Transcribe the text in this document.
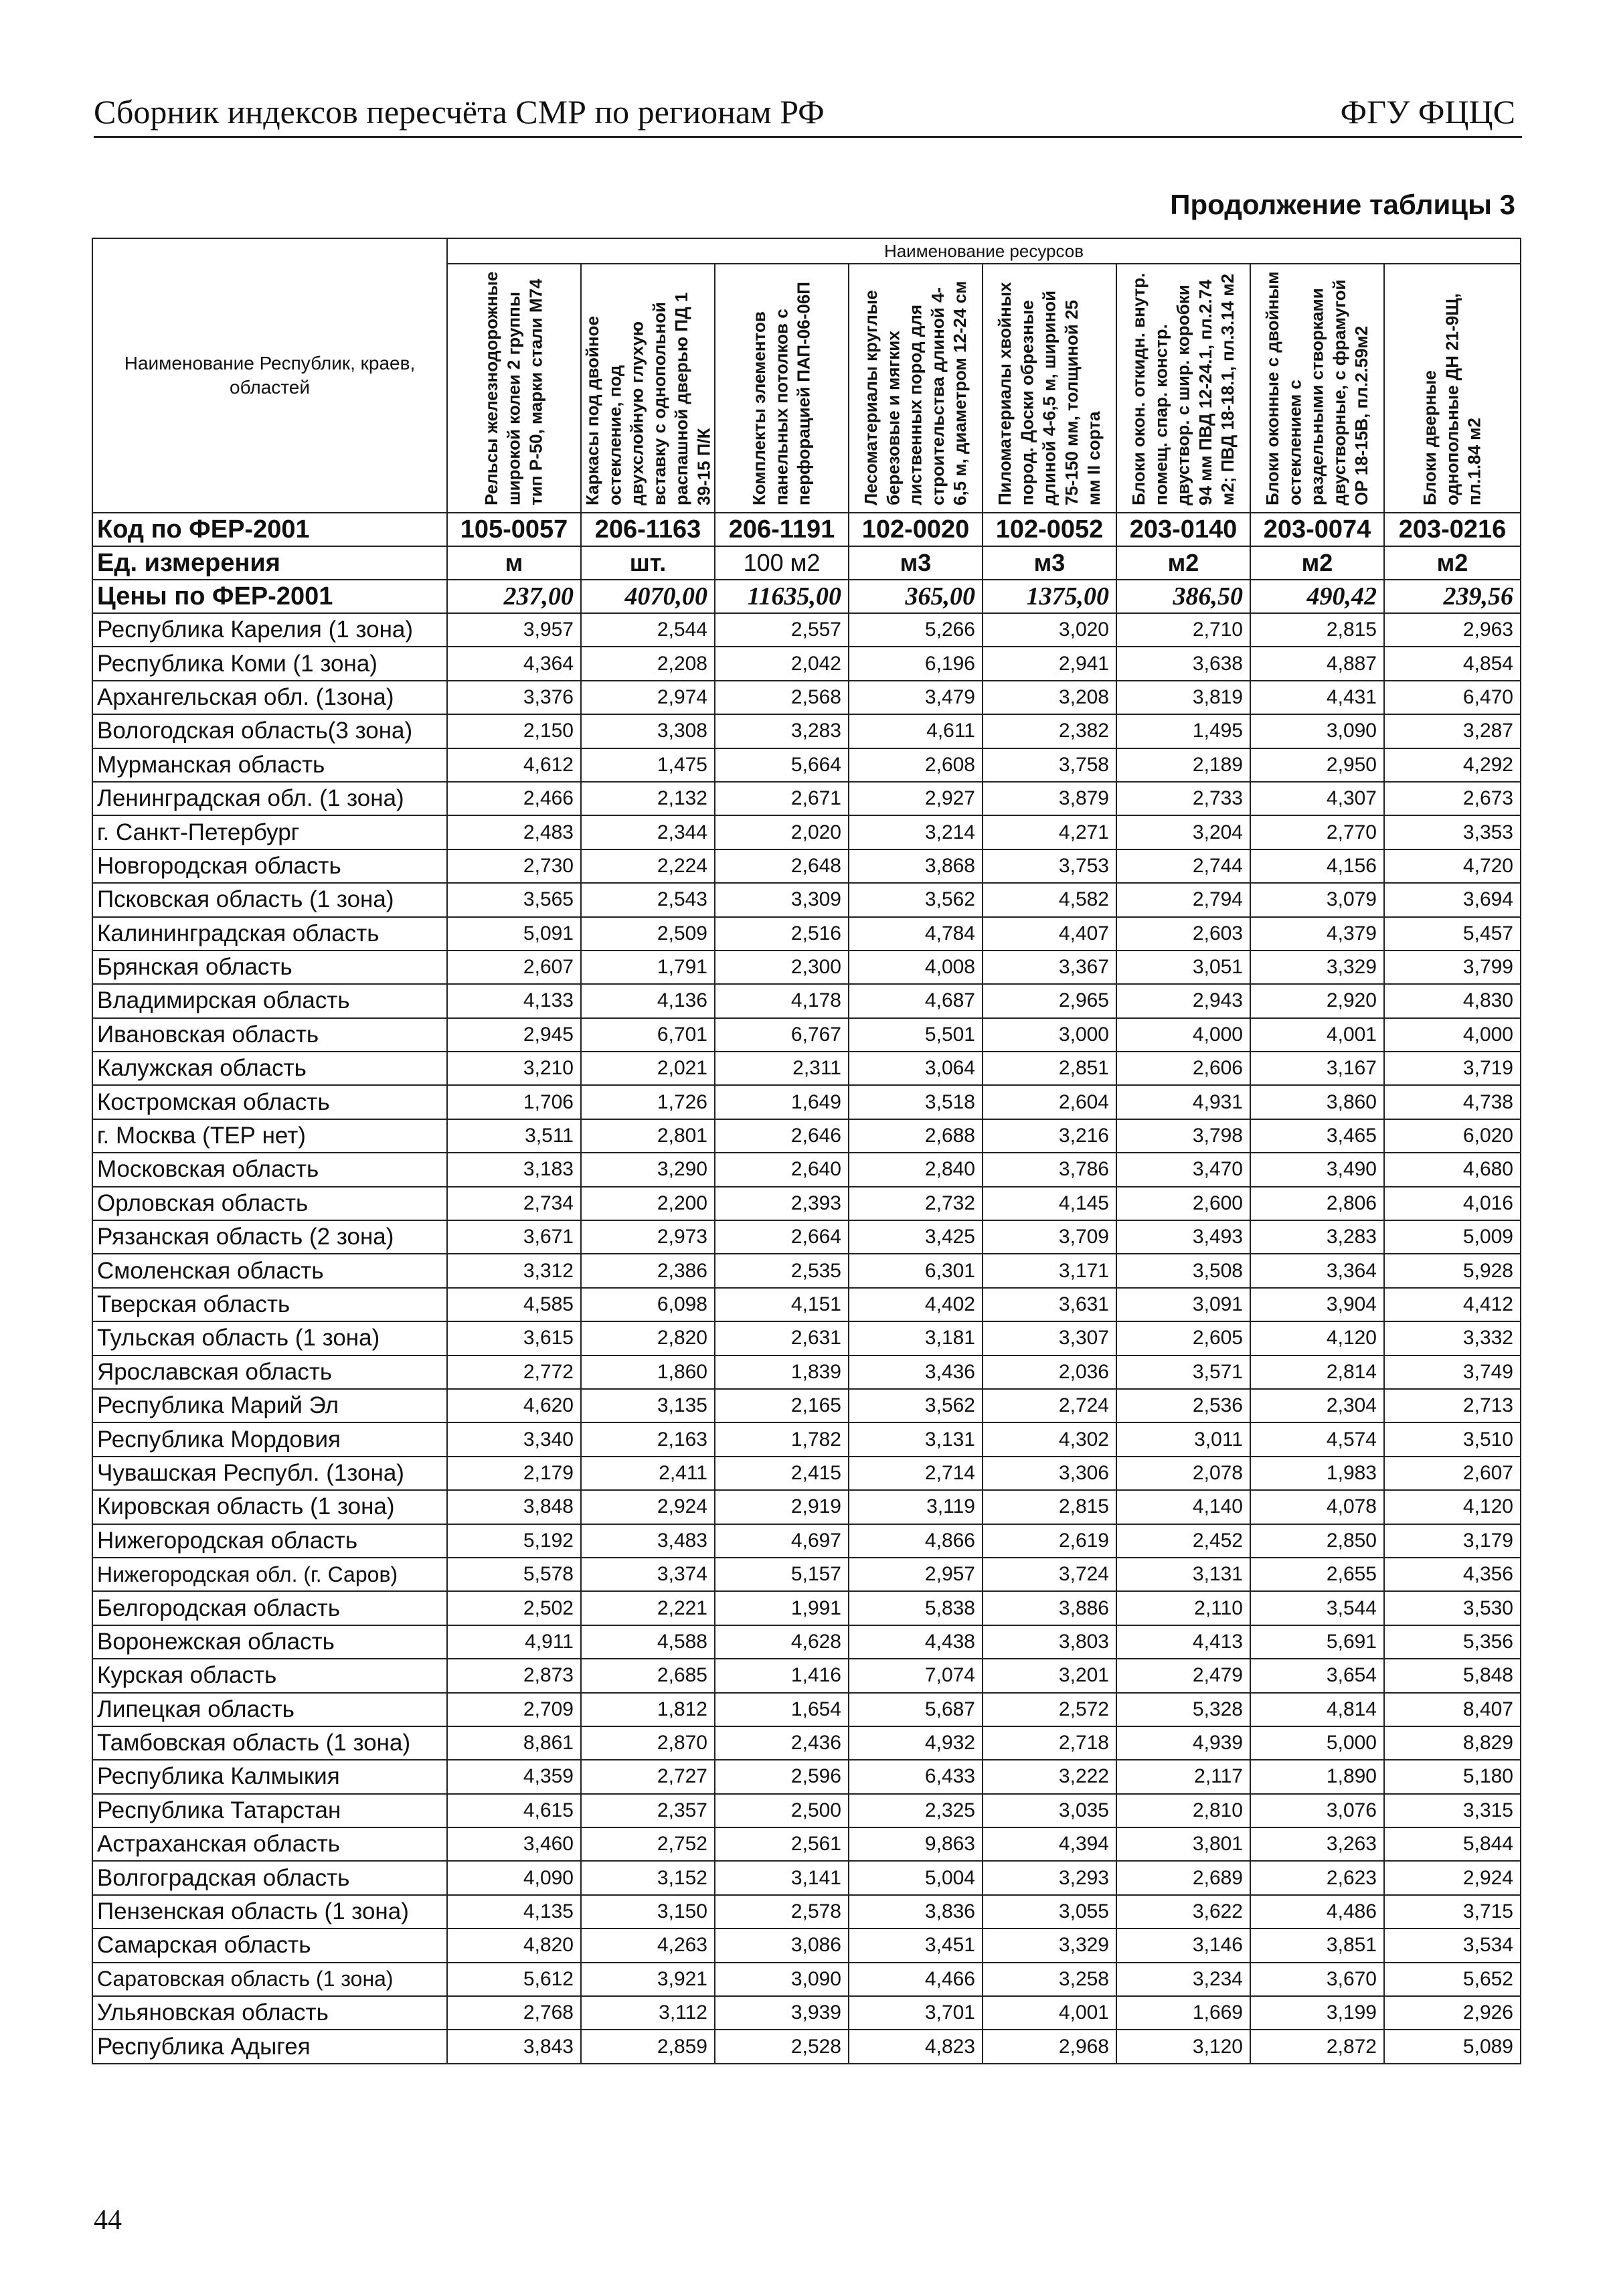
Сборник индексов пересчёта СМР по регионам РФ	ФГУ ФЦЦС
Продолжение таблицы 3
Наименование Республик, краев, областей	Наименование ресурсов							

	Рельсы железнодорожные широкой колеи 2 группы тип Р-50, марки стали М74	Каркасы под двойное остекление, под двухслойную глухую вставку с однопольной распашной дверью ПД 1 39-15 П/К	Комплекты элементов панельных потолков с перфорацией ПАП-06-06П	Лесоматериалы круглые березовые и мягких лиственных пород для строительства длиной 4-6,5 м, диаметром 12-24 см	Пиломатериалы хвойных пород. Доски обрезные длиной 4-6,5 м, шириной 75-150 мм, толщиной 25 мм II сорта	Блоки окон. откидн. внутр. помещ. спар. констр. двуствор. с шир. коробки 94 мм ПВД 12-24.1, пл.2.74 м2; ПВД 18-18.1, пл.3.14 м2	Блоки оконные с двойным остеклением с раздельными створками двустворные, с фрамугой ОР 18-15В, пл.2.59м2	Блоки дверные однопольные ДН 21-9Щ, пл.1.84 м2

Код по ФЕР-2001	105-0057	206-1163	206-1191	102-0020	102-0052	203-0140	203-0074	203-0216
Ед. измерения	м	шт.	100 м2	м3	м3	м2	м2	м2
Цены по ФЕР-2001	237,00	4070,00	11635,00	365,00	1375,00	386,50	490,42	239,56
Республика Карелия (1 зона)	3,957	2,544	2,557	5,266	3,020	2,710	2,815	2,963
Республика Коми (1 зона)	4,364	2,208	2,042	6,196	2,941	3,638	4,887	4,854
Архангельская обл. (1зона)	3,376	2,974	2,568	3,479	3,208	3,819	4,431	6,470
Вологодская область(3 зона)	2,150	3,308	3,283	4,611	2,382	1,495	3,090	3,287
Мурманская область	4,612	1,475	5,664	2,608	3,758	2,189	2,950	4,292
Ленинградская обл. (1 зона)	2,466	2,132	2,671	2,927	3,879	2,733	4,307	2,673
г. Санкт-Петербург	2,483	2,344	2,020	3,214	4,271	3,204	2,770	3,353
Новгородская область	2,730	2,224	2,648	3,868	3,753	2,744	4,156	4,720
Псковская область (1 зона)	3,565	2,543	3,309	3,562	4,582	2,794	3,079	3,694
Калининградская область	5,091	2,509	2,516	4,784	4,407	2,603	4,379	5,457
Брянская область	2,607	1,791	2,300	4,008	3,367	3,051	3,329	3,799
Владимирская область	4,133	4,136	4,178	4,687	2,965	2,943	2,920	4,830
Ивановская область	2,945	6,701	6,767	5,501	3,000	4,000	4,001	4,000
Калужская область	3,210	2,021	2,311	3,064	2,851	2,606	3,167	3,719
Костромская область	1,706	1,726	1,649	3,518	2,604	4,931	3,860	4,738
г. Москва (ТЕР нет)	3,511	2,801	2,646	2,688	3,216	3,798	3,465	6,020
Московская область	3,183	3,290	2,640	2,840	3,786	3,470	3,490	4,680
Орловская область	2,734	2,200	2,393	2,732	4,145	2,600	2,806	4,016
Рязанская область (2 зона)	3,671	2,973	2,664	3,425	3,709	3,493	3,283	5,009
Смоленская область	3,312	2,386	2,535	6,301	3,171	3,508	3,364	5,928
Тверская область	4,585	6,098	4,151	4,402	3,631	3,091	3,904	4,412
Тульская область (1 зона)	3,615	2,820	2,631	3,181	3,307	2,605	4,120	3,332
Ярославская область	2,772	1,860	1,839	3,436	2,036	3,571	2,814	3,749
Республика Марий Эл	4,620	3,135	2,165	3,562	2,724	2,536	2,304	2,713
Республика Мордовия	3,340	2,163	1,782	3,131	4,302	3,011	4,574	3,510
Чувашская Республ. (1зона)	2,179	2,411	2,415	2,714	3,306	2,078	1,983	2,607
Кировская область (1 зона)	3,848	2,924	2,919	3,119	2,815	4,140	4,078	4,120
Нижегородская область	5,192	3,483	4,697	4,866	2,619	2,452	2,850	3,179
Нижегородская обл. (г. Саров)	5,578	3,374	5,157	2,957	3,724	3,131	2,655	4,356
Белгородская область	2,502	2,221	1,991	5,838	3,886	2,110	3,544	3,530
Воронежская область	4,911	4,588	4,628	4,438	3,803	4,413	5,691	5,356
Курская область	2,873	2,685	1,416	7,074	3,201	2,479	3,654	5,848
Липецкая область	2,709	1,812	1,654	5,687	2,572	5,328	4,814	8,407
Тамбовская область (1 зона)	8,861	2,870	2,436	4,932	2,718	4,939	5,000	8,829
Республика Калмыкия	4,359	2,727	2,596	6,433	3,222	2,117	1,890	5,180
Республика Татарстан	4,615	2,357	2,500	2,325	3,035	2,810	3,076	3,315
Астраханская область	3,460	2,752	2,561	9,863	4,394	3,801	3,263	5,844
Волгоградская область	4,090	3,152	3,141	5,004	3,293	2,689	2,623	2,924
Пензенская область (1 зона)	4,135	3,150	2,578	3,836	3,055	3,622	4,486	3,715
Самарская область	4,820	4,263	3,086	3,451	3,329	3,146	3,851	3,534
Саратовская область (1 зона)	5,612	3,921	3,090	4,466	3,258	3,234	3,670	5,652
Ульяновская область	2,768	3,112	3,939	3,701	4,001	1,669	3,199	2,926
Республика Адыгея	3,843	2,859	2,528	4,823	2,968	3,120	2,872	5,089
44
